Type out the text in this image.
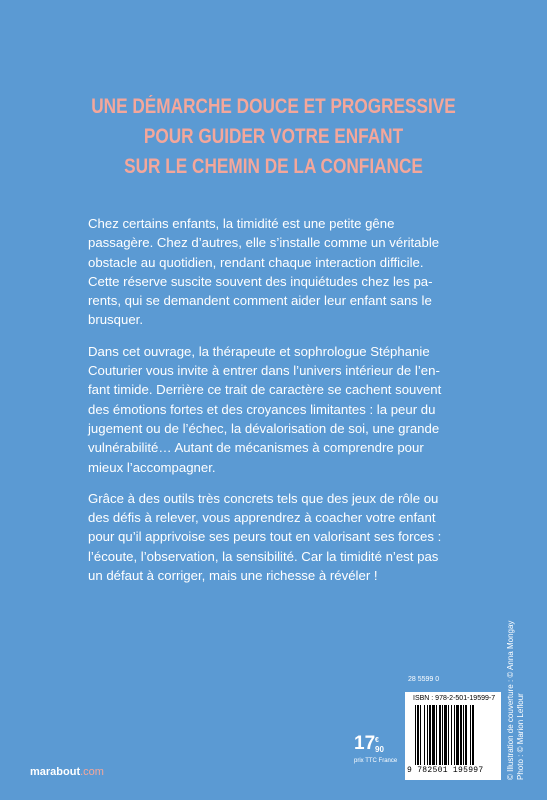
UNE DÉMARCHE DOUCE ET PROGRESSIVE
POUR GUIDER VOTRE ENFANT
SUR LE CHEMIN DE LA CONFIANCE

Chez certains enfants, la timidité est une petite gêne
passagère. Chez d’autres, elle s’installe comme un véritable
obstacle au quotidien, rendant chaque interaction difficile.
Cette réserve suscite souvent des inquiétudes chez les pa-
rents, qui se demandent comment aider leur enfant sans le
brusquer.

Dans cet ouvrage, la thérapeute et sophrologue Stéphanie
Couturier vous invite à entrer dans l’univers intérieur de l’en-
fant timide. Derrière ce trait de caractère se cachent souvent
des émotions fortes et des croyances limitantes : la peur du
jugement ou de l’échec, la dévalorisation de soi, une grande
vulnérabilité… Autant de mécanismes à comprendre pour
mieux l’accompagner.

Grâce à des outils très concrets tels que des jeux de rôle ou
des défis à relever, vous apprendrez à coacher votre enfant
pour qu’il apprivoise ses peurs tout en valorisant ses forces :
l’écoute, l’observation, la sensibilité. Car la timidité n’est pas
un défaut à corriger, mais une richesse à révéler !

© Illustration de couverture : © Anna Mongay Photo : © Marion Leflour
marabout.com
17 €
90
prix TTC France
28 5599 0
ISBN : 978-2-501-19599-7
9 782501 195997
